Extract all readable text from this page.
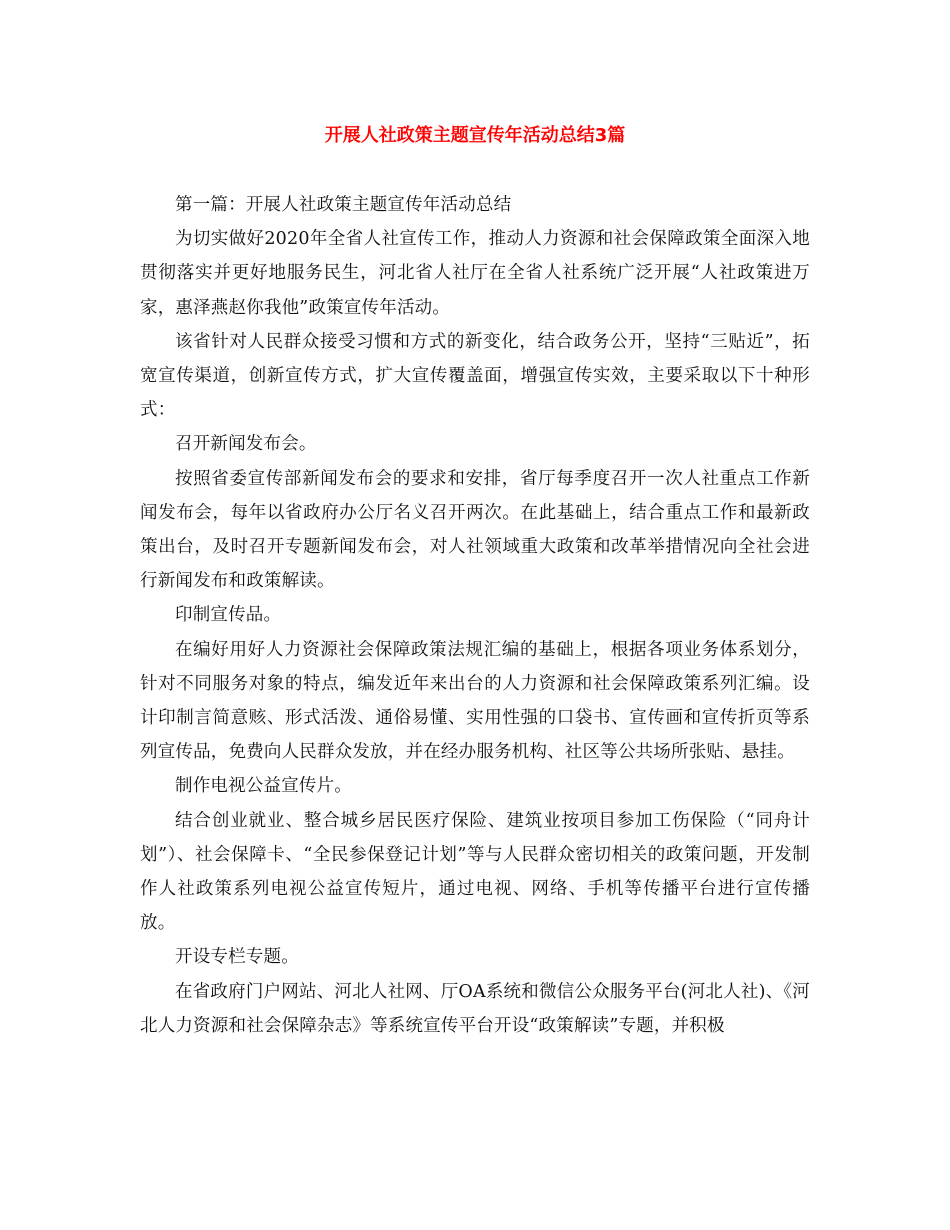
开展人社政策主题宣传年活动总结3篇

第一篇：开展人社政策主题宣传年活动总结

为切实做好2020年全省人社宣传工作，推动人力资源和社会保障政策全面深入地贯彻落实并更好地服务民生，河北省人社厅在全省人社系统广泛开展“人社政策进万家，惠泽燕赵你我他”政策宣传年活动。

该省针对人民群众接受习惯和方式的新变化，结合政务公开，坚持“三贴近”，拓宽宣传渠道，创新宣传方式，扩大宣传覆盖面，增强宣传实效，主要采取以下十种形式：

召开新闻发布会。

按照省委宣传部新闻发布会的要求和安排，省厅每季度召开一次人社重点工作新闻发布会，每年以省政府办公厅名义召开两次。在此基础上，结合重点工作和最新政策出台，及时召开专题新闻发布会，对人社领域重大政策和改革举措情况向全社会进行新闻发布和政策解读。

印制宣传品。

在编好用好人力资源社会保障政策法规汇编的基础上，根据各项业务体系划分，针对不同服务对象的特点，编发近年来出台的人力资源和社会保障政策系列汇编。设计印制言简意赅、形式活泼、通俗易懂、实用性强的口袋书、宣传画和宣传折页等系列宣传品，免费向人民群众发放，并在经办服务机构、社区等公共场所张贴、悬挂。

制作电视公益宣传片。

结合创业就业、整合城乡居民医疗保险、建筑业按项目参加工伤保险（“同舟计划”）、社会保障卡、“全民参保登记计划”等与人民群众密切相关的政策问题，开发制作人社政策系列电视公益宣传短片，通过电视、网络、手机等传播平台进行宣传播放。

开设专栏专题。

在省政府门户网站、河北人社网、厅OA系统和微信公众服务平台(河北人社)、《河北人力资源和社会保障杂志》等系统宣传平台开设“政策解读”专题，并积极
